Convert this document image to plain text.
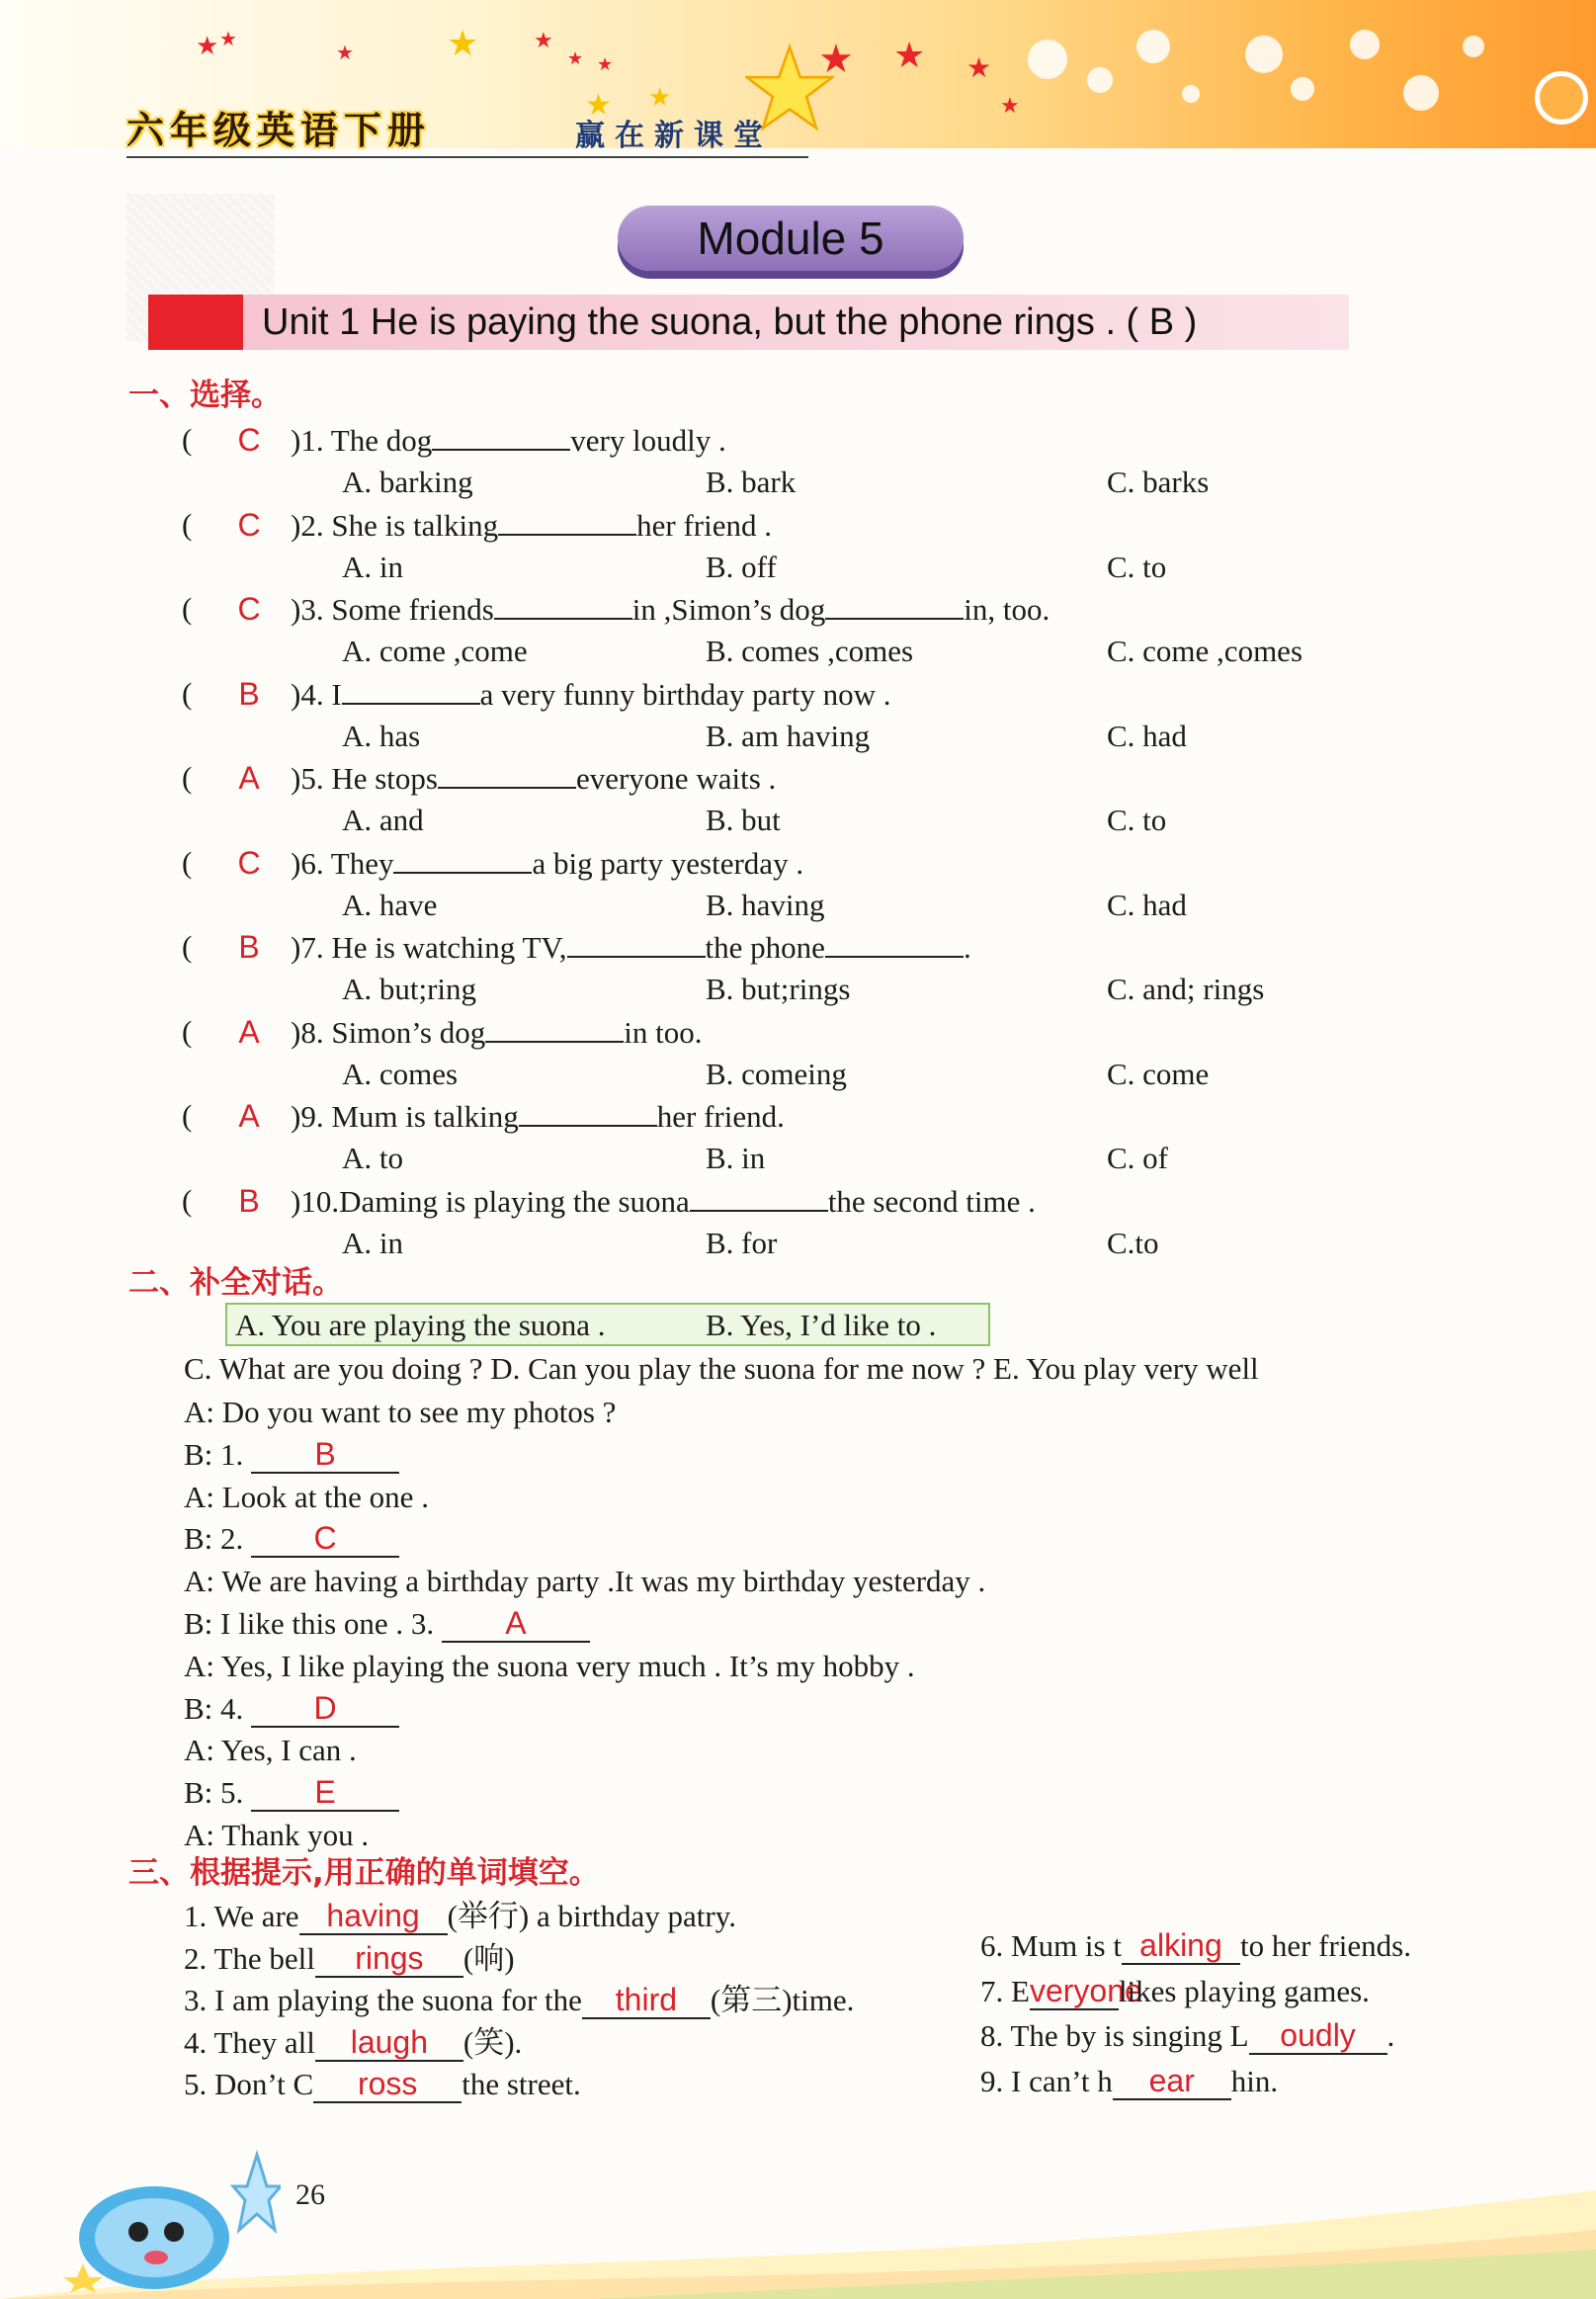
★ ★
★	★	★
★ ★
★ ★
★ ★ ★
★
六年级英语下册	赢在新课堂
Module 5
Unit 1 He is paying the suona, but the phone rings . ( B )
一、选择。
(	C )1. The dog	very loudly .
A. barking	B. bark	C. barks
(	C )2. She is talking	her friend .
A. in	B. off	C. to
(	C )3. Some friends	in ,Simon’s dog	in, too.
A. come ,come	B. comes ,comes	C. come ,comes
(	B	)4. I	a very funny birthday party now .
A. has	B. am having	C. had
(	A	)5. He stops	everyone waits .
A. and	B. but	C. to
(	C )6. They	a big party yesterday .
A. have	B. having	C. had
(	B	)7. He is watching TV,	the phone	.
A. but;ring	B. but;rings	C. and; rings
(	A	)8. Simon’s dog	in too.
A. comes	B. comeing	C. come
(	A	)9. Mum is talking	her friend.
A. to	B. in	C. of
(	B	)10.Daming is playing the suona	the second time .
A. in	B. for	C.to
二、补全对话。
A. You are playing the suona .	B. Yes, I’d like to .
C. What are you doing ? D. Can you play the suona for me now ? E. You play very well
A: Do you want to see my photos ?
B: 1. B
A: Look at the one .
B: 2. C
A: We are having a birthday party .It was my birthday yesterday .
B: I like this one . 3. A
A: Yes, I like playing the suona very much . It’s my hobby .
B: 4. D
A: Yes, I can .
B: 5. E
A: Thank you .
三、根据提示,用正确的单词填空。
1. We are having (举行) a birthday patry.
2. The bell rings (响)
3. I am playing the suona for the third (第三)time.
4. They all laugh (笑).
5. Don’t C ross the street.
6. Mum is t alking to her friends.
7. Everyonelikes playing games.
8. The by is singing L oudly .
9. I can’t h ear hin.
26
